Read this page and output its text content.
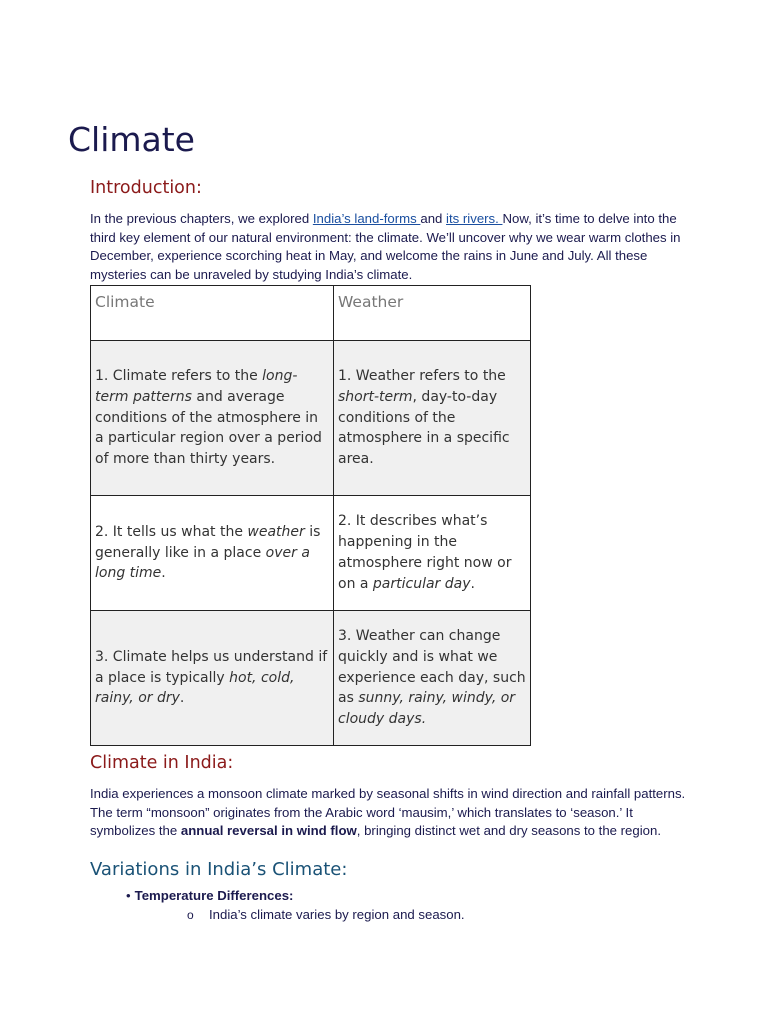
Climate
Introduction:

In the previous chapters, we explored India’s land-forms and its rivers. Now, it’s time to delve into the third key element of our natural environment: the climate. We’ll uncover why we wear warm clothes in December, experience scorching heat in May, and welcome the rains in June and July. All these mysteries can be unraveled by studying India’s climate.

Climate	Weather
1. Climate refers to the long-term patterns and average conditions of the atmosphere in a particular region over a period of more than thirty years.	1. Weather refers to the short-term, day-to-day conditions of the atmosphere in a specific area.
2. It tells us what the weather is generally like in a place over a long time.	2. It describes what’s happening in the atmosphere right now or on a particular day.
3. Climate helps us understand if a place is typically hot, cold, rainy, or dry.	3. Weather can change quickly and is what we experience each day, such as sunny, rainy, windy, or cloudy days.
Climate in India:

India experiences a monsoon climate marked by seasonal shifts in wind direction and rainfall patterns. The term “monsoon” originates from the Arabic word ‘mausim,’ which translates to ‘season.’ It symbolizes the annual reversal in wind flow, bringing distinct wet and dry seasons to the region.

Variations in India’s Climate:
• Temperature Differences:
o India’s climate varies by region and season.
